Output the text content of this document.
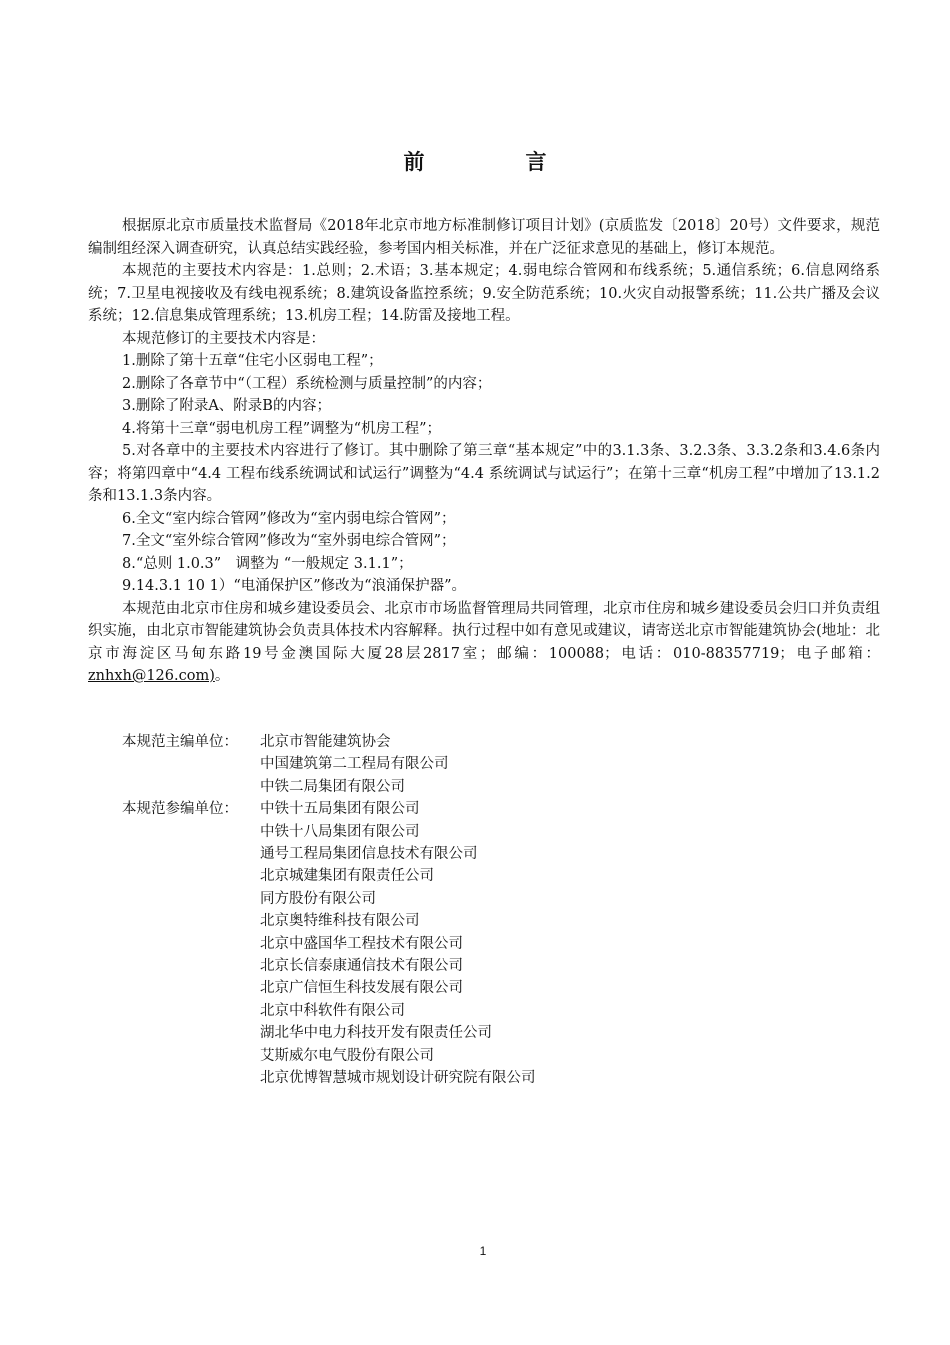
前　言

根据原北京市质量技术监督局《2018年北京市地方标准制修订项目计划》(京质监发〔2018〕20号）文件要求，规范编制组经深入调查研究，认真总结实践经验，参考国内相关标准，并在广泛征求意见的基础上，修订本规范。

本规范的主要技术内容是：1.总则；2.术语；3.基本规定；4.弱电综合管网和布线系统；5.通信系统；6.信息网络系统；7.卫星电视接收及有线电视系统；8.建筑设备监控系统；9.安全防范系统；10.火灾自动报警系统；11.公共广播及会议系统；12.信息集成管理系统；13.机房工程；14.防雷及接地工程。

本规范修订的主要技术内容是：

1.删除了第十五章“住宅小区弱电工程”；

2.删除了各章节中“（工程）系统检测与质量控制”的内容；

3.删除了附录A、附录B的内容；

4.将第十三章“弱电机房工程”调整为“机房工程”；

5.对各章中的主要技术内容进行了修订。其中删除了第三章“基本规定”中的3.1.3条、3.2.3条、3.3.2条和3.4.6条内容；将第四章中“4.4 工程布线系统调试和试运行”调整为“4.4 系统调试与试运行”；在第十三章“机房工程”中增加了13.1.2条和13.1.3条内容。

6.全文“室内综合管网”修改为“室内弱电综合管网”；

7.全文“室外综合管网”修改为“室外弱电综合管网”；

8.“总则 1.0.3”　调整为 “一般规定 3.1.1”；

9.14.3.1 10 1）“电涌保护区”修改为“浪涌保护器”。

本规范由北京市住房和城乡建设委员会、北京市市场监督管理局共同管理，北京市住房和城乡建设委员会归口并负责组织实施，由北京市智能建筑协会负责具体技术内容解释。执行过程中如有意见或建议，请寄送北京市智能建筑协会(地址：北京市海淀区马甸东路19号金澳国际大厦28层2817室；邮编：100088；电话：010-88357719；电子邮箱：znhxh@126.com)。

本规范主编单位：	北京市智能建筑协会
中国建筑第二工程局有限公司
中铁二局集团有限公司
本规范参编单位：	中铁十五局集团有限公司
中铁十八局集团有限公司
通号工程局集团信息技术有限公司
北京城建集团有限责任公司
同方股份有限公司
北京奥特维科技有限公司
北京中盛国华工程技术有限公司
北京长信泰康通信技术有限公司
北京广信恒生科技发展有限公司
北京中科软件有限公司
湖北华中电力科技开发有限责任公司
艾斯威尔电气股份有限公司
北京优博智慧城市规划设计研究院有限公司
1
